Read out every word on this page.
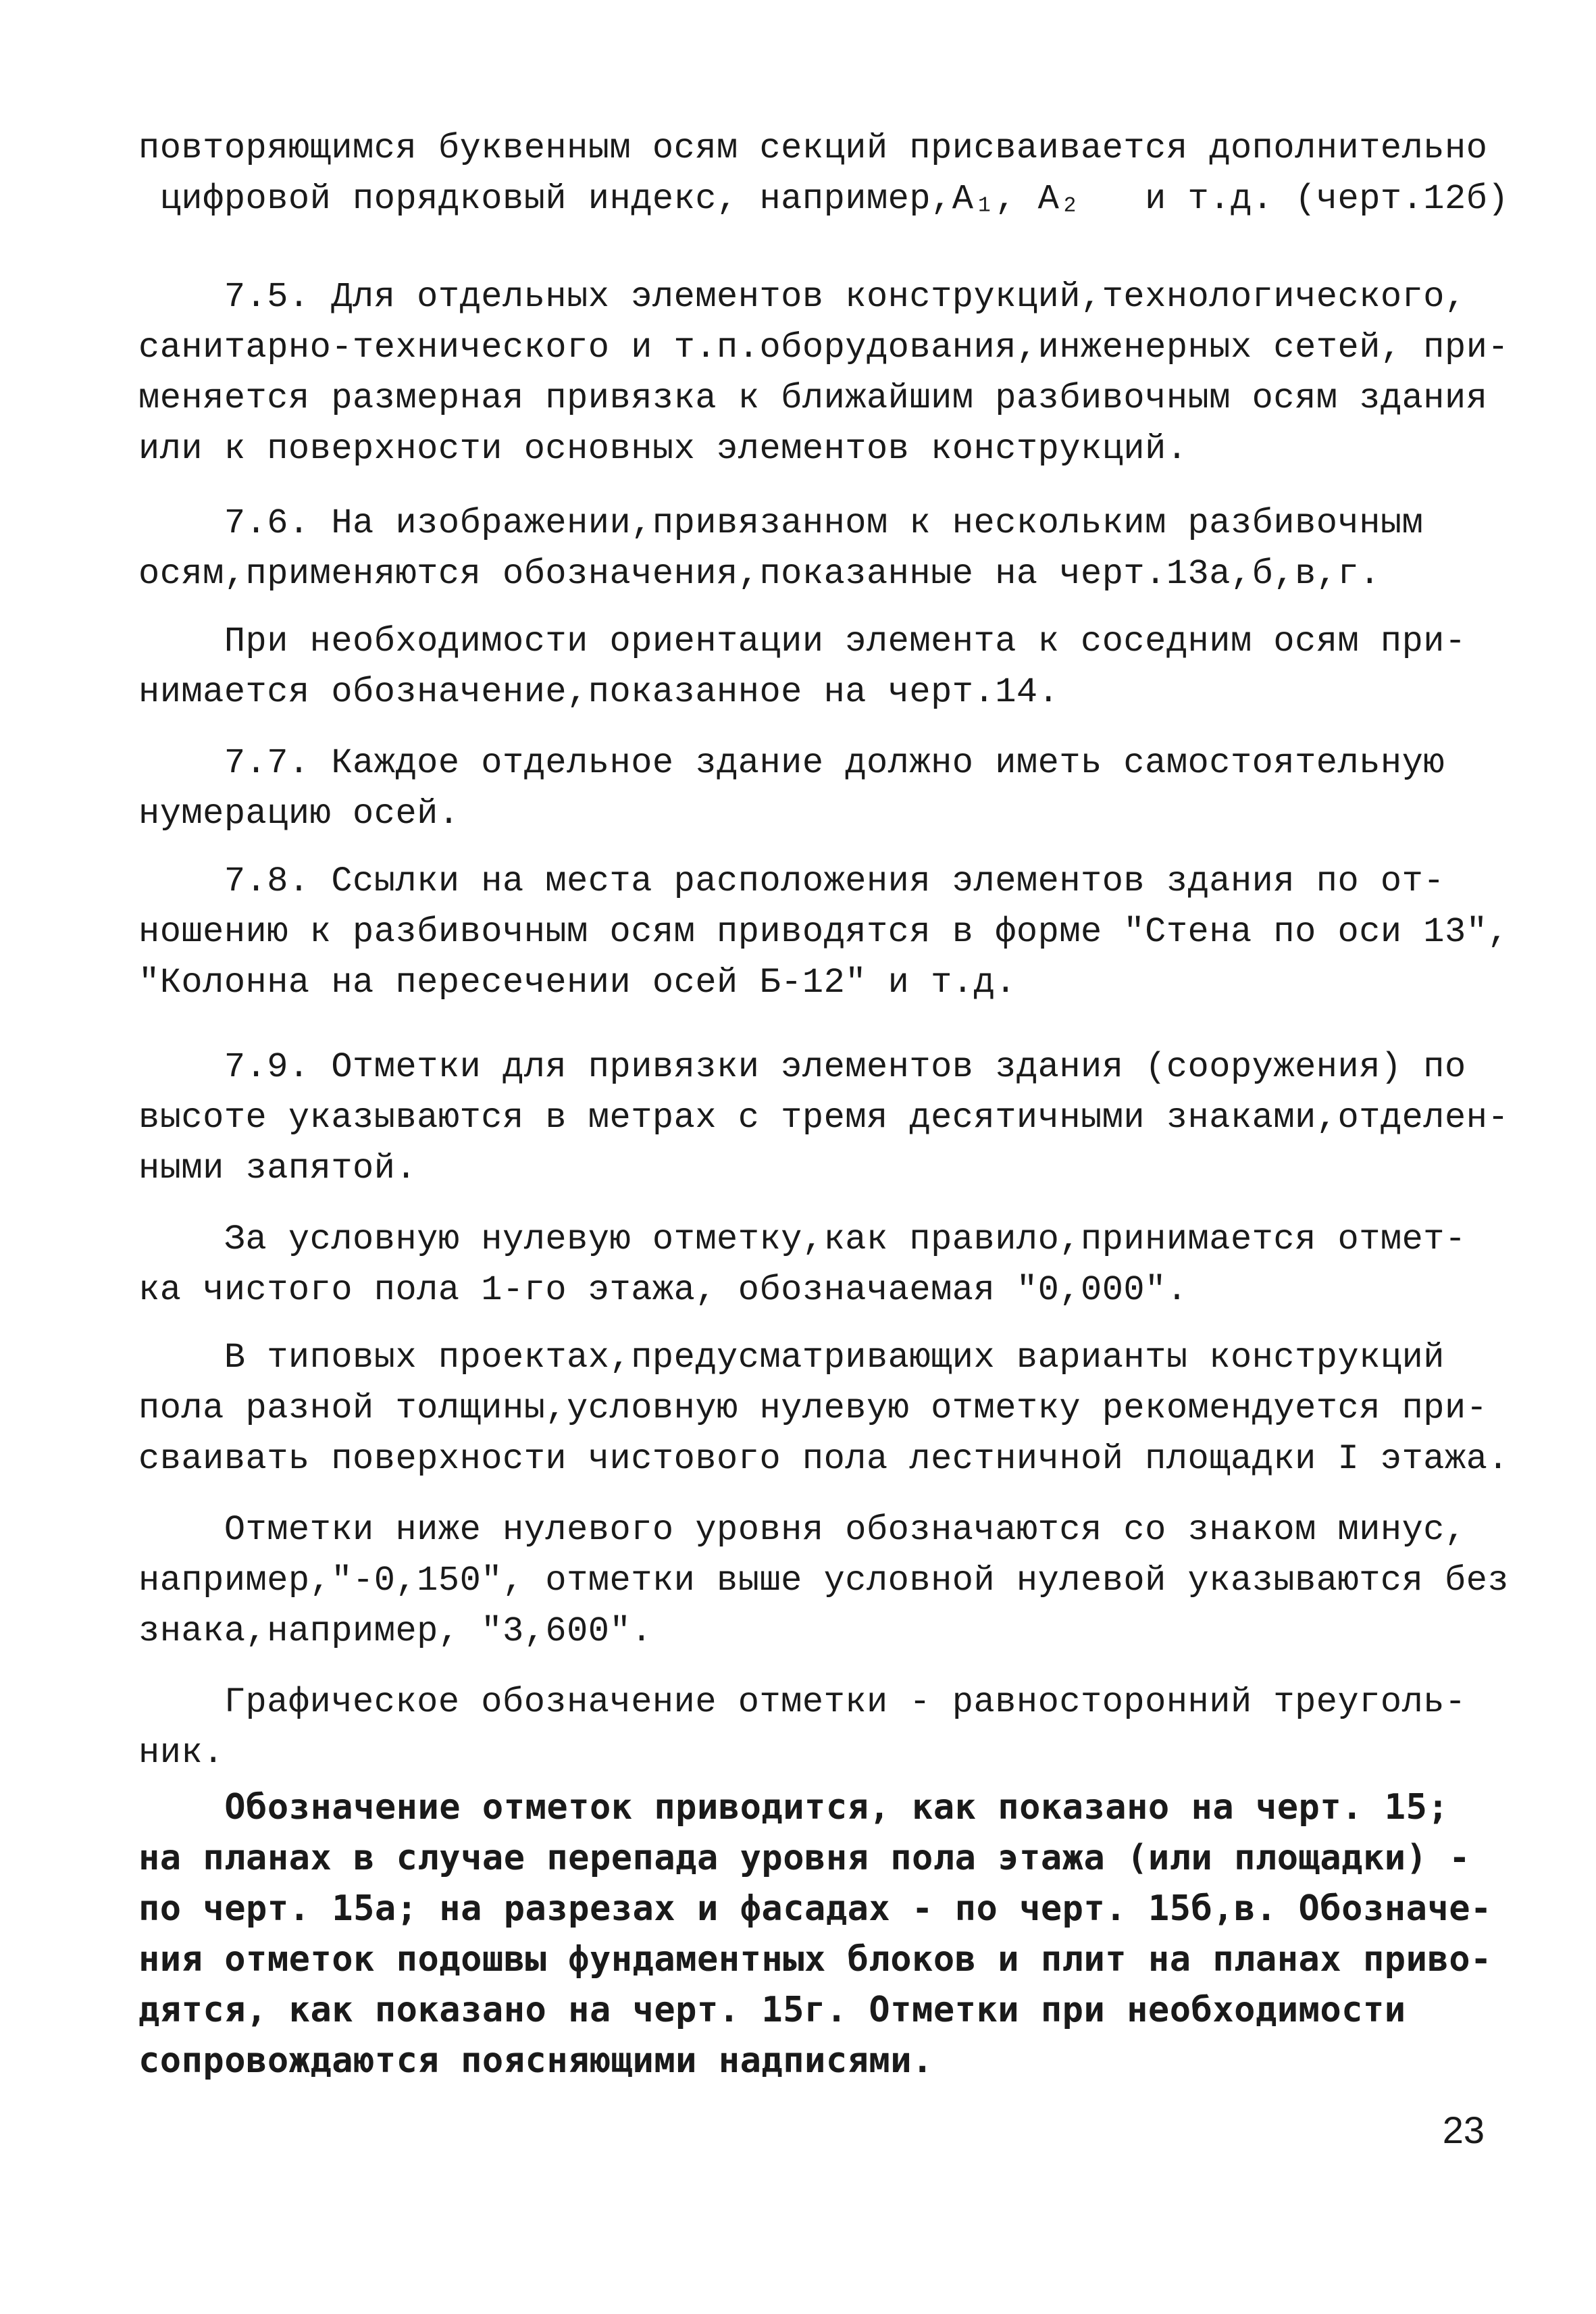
повторяющимся буквенным осям секций присваивается дополнительно
цифровой порядковый индекс, например,A₁, A₂   и т.д. (черт.12б)
7.5. Для отдельных элементов конструкций,технологического,
санитарно-технического и т.п.оборудования,инженерных сетей, при-
меняется размерная привязка к ближайшим разбивочным осям здания
или к поверхности основных элементов конструкций.
7.6. На изображении,привязанном к нескольким разбивочным
осям,применяются обозначения,показанные на черт.13а,б,в,г.
При необходимости ориентации элемента к соседним осям при-
нимается обозначение,показанное на черт.14.
7.7. Каждое отдельное здание должно иметь самостоятельную
нумерацию осей.
7.8. Ссылки на места расположения элементов здания по от-
ношению к разбивочным осям приводятся в форме "Стена по оси 13",
"Колонна на пересечении осей Б-12" и т.д.
7.9. Отметки для привязки элементов здания (сооружения) по
высоте указываются в метрах с тремя десятичными знаками,отделен-
ными запятой.
За условную нулевую отметку,как правило,принимается отмет-
ка чистого пола 1-го этажа, обозначаемая "0,000".
В типовых проектах,предусматривающих варианты конструкций
пола разной толщины,условную нулевую отметку рекомендуется при-
сваивать поверхности чистового пола лестничной площадки I этажа.
Отметки ниже нулевого уровня обозначаются со знаком минус,
например,"-0,150", отметки выше условной нулевой указываются без
знака,например, "3,600".
Графическое обозначение отметки - равносторонний треуголь-
ник.
Обозначение отметок приводится, как показано на черт. 15;
на планах в случае перепада уровня пола этажа (или площадки) -
по черт. 15а; на разрезах и фасадах - по черт. 15б,в. Обозначе-
ния отметок подошвы фундаментных блоков и плит на планах приво-
дятся, как показано на черт. 15г. Отметки при необходимости
сопровождаются поясняющими надписями.
23
